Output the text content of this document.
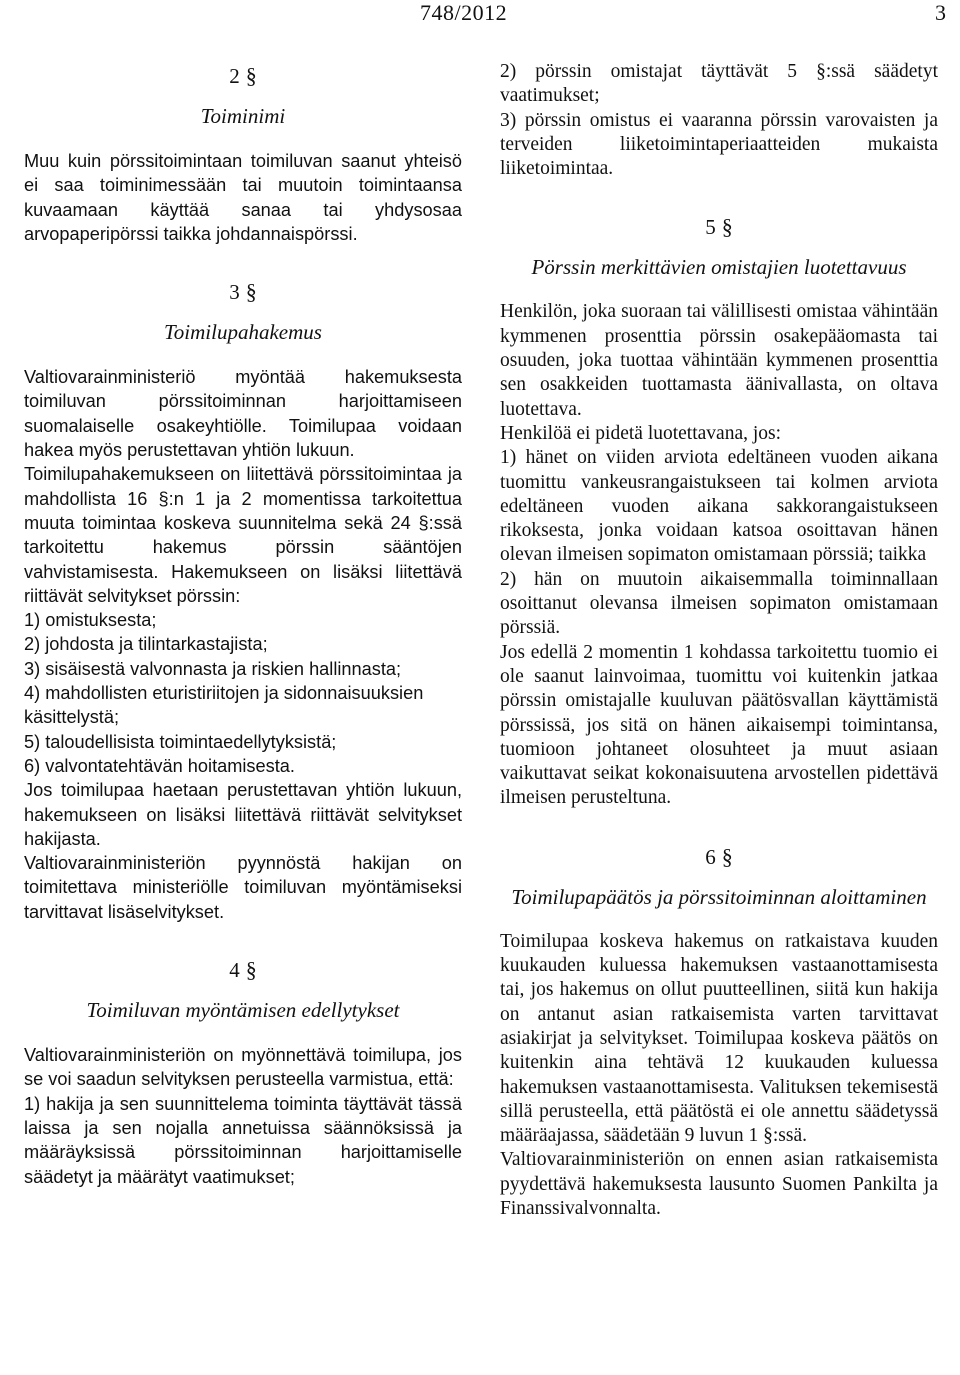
748/2012	3
2 §
Toiminimi

Muu kuin pörssitoimintaan toimiluvan saanut yhteisö ei saa toiminimessään tai muutoin toimintaansa kuvaamaan käyttää sanaa tai yhdysosaa arvopaperipörssi taikka johdannaispörssi.

3 §
Toimilupahakemus

Valtiovarainministeriö myöntää hakemuksesta toimiluvan pörssitoiminnan harjoittamiseen suomalaiselle osakeyhtiölle. Toimilupaa voidaan hakea myös perustettavan yhtiön lukuun.

Toimilupahakemukseen on liitettävä pörssitoimintaa ja mahdollista 16 §:n 1 ja 2 momentissa tarkoitettua muuta toimintaa koskeva suunnitelma sekä 24 §:ssä tarkoitettu hakemus pörssin sääntöjen vahvistamisesta. Hakemukseen on lisäksi liitettävä riittävät selvitykset pörssin:

1) omistuksesta;

2) johdosta ja tilintarkastajista;

3) sisäisestä valvonnasta ja riskien hallinnasta;

4) mahdollisten eturistiriitojen ja sidonnaisuuksien käsittelystä;

5) taloudellisista toimintaedellytyksistä;

6) valvontatehtävän hoitamisesta.

Jos toimilupaa haetaan perustettavan yhtiön lukuun, hakemukseen on lisäksi liitettävä riittävät selvitykset hakijasta.

Valtiovarainministeriön pyynnöstä hakijan on toimitettava ministeriölle toimiluvan myöntämiseksi tarvittavat lisäselvitykset.

4 §
Toimiluvan myöntämisen edellytykset

Valtiovarainministeriön on myönnettävä toimilupa, jos se voi saadun selvityksen perusteella varmistua, että:

1) hakija ja sen suunnittelema toiminta täyttävät tässä laissa ja sen nojalla annetuissa säännöksissä ja määräyksissä pörssitoiminnan harjoittamiselle säädetyt ja määrätyt vaatimukset;

2) pörssin omistajat täyttävät 5 §:ssä säädetyt vaatimukset;

3) pörssin omistus ei vaaranna pörssin varovaisten ja terveiden liiketoimintaperiaatteiden mukaista liiketoimintaa.

5 §
Pörssin merkittävien omistajien luotettavuus

Henkilön, joka suoraan tai välillisesti omistaa vähintään kymmenen prosenttia pörssin osakepääomasta tai osuuden, joka tuottaa vähintään kymmenen prosenttia sen osakkeiden tuottamasta äänivallasta, on oltava luotettava.

Henkilöä ei pidetä luotettavana, jos:

1) hänet on viiden arviota edeltäneen vuoden aikana tuomittu vankeusrangaistukseen tai kolmen arviota edeltäneen vuoden aikana sakkorangaistukseen rikoksesta, jonka voidaan katsoa osoittavan hänen olevan ilmeisen sopimaton omistamaan pörssiä; taikka

2) hän on muutoin aikaisemmalla toiminnallaan osoittanut olevansa ilmeisen sopimaton omistamaan pörssiä.

Jos edellä 2 momentin 1 kohdassa tarkoitettu tuomio ei ole saanut lainvoimaa, tuomittu voi kuitenkin jatkaa pörssin omistajalle kuuluvan päätösvallan käyttämistä pörssissä, jos sitä on hänen aikaisempi toimintansa, tuomioon johtaneet olosuhteet ja muut asiaan vaikuttavat seikat kokonaisuutena arvostellen pidettävä ilmeisen perusteltuna.

6 §
Toimilupapäätös ja pörssitoiminnan aloittaminen

Toimilupaa koskeva hakemus on ratkaistava kuuden kuukauden kuluessa hakemuksen vastaanottamisesta tai, jos hakemus on ollut puutteellinen, siitä kun hakija on antanut asian ratkaisemista varten tarvittavat asiakirjat ja selvitykset. Toimilupaa koskeva päätös on kuitenkin aina tehtävä 12 kuukauden kuluessa hakemuksen vastaanottamisesta. Valituksen tekemisestä sillä perusteella, että päätöstä ei ole annettu säädetyssä määräajassa, säädetään 9 luvun 1 §:ssä.

Valtiovarainministeriön on ennen asian ratkaisemista pyydettävä hakemuksesta lausunto Suomen Pankilta ja Finanssivalvonnalta.
